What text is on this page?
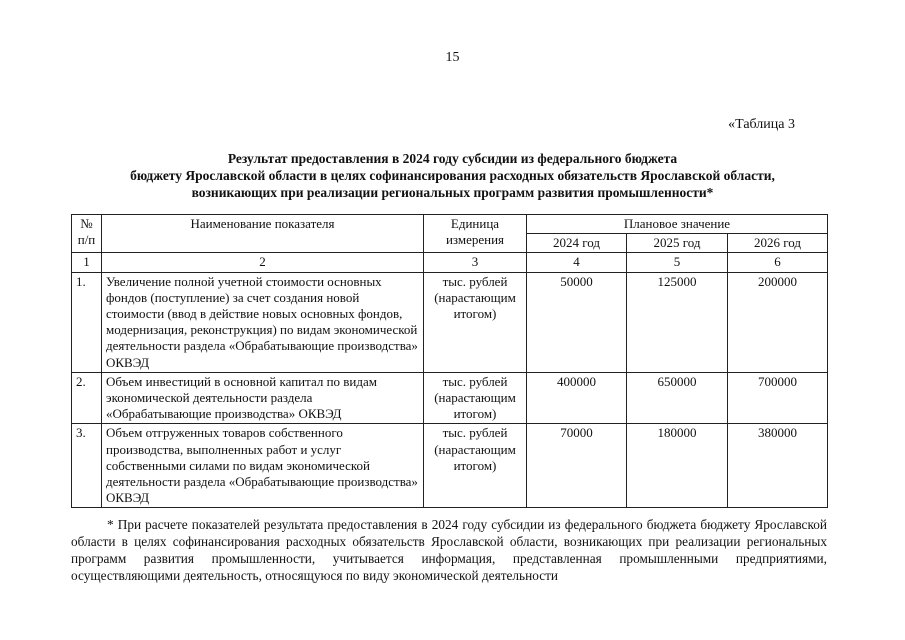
15
«Таблица 3
Результат предоставления в 2024 году субсидии из федерального бюджета
бюджету Ярославской области в целях софинансирования расходных обязательств Ярославской области,
возникающих при реализации региональных программ развития промышленности*
№ п/п	Наименование показателя	Единица измерения	Плановое значение		
			2024 год	2025 год	2026 год
1	2	3	4	5	6
1.	Увеличение полной учетной стоимости основных фондов (поступление) за счет создания новой стоимости (ввод в действие новых основных фондов, модернизация, реконструкция) по видам экономической деятельности раздела «Обрабатывающие производства» ОКВЭД	тыс. рублей (нарастающим итогом)	50000	125000	200000
2.	Объем инвестиций в основной капитал по видам экономической деятельности раздела «Обрабатывающие производства» ОКВЭД	тыс. рублей (нарастающим итогом)	400000	650000	700000
3.	Объем отгруженных товаров собственного производства, выполненных работ и услуг собственными силами по видам экономической деятельности раздела «Обрабатывающие производства» ОКВЭД	тыс. рублей (нарастающим итогом)	70000	180000	380000

* При расчете показателей результата предоставления в 2024 году субсидии из федерального бюджета бюджету Ярославской области в целях софинансирования расходных обязательств Ярославской области, возникающих при реализации региональных программ развития промышленности, учитывается информация, представленная промышленными предприятиями, осуществляющими деятельность, относящуюся по виду экономической деятельности
